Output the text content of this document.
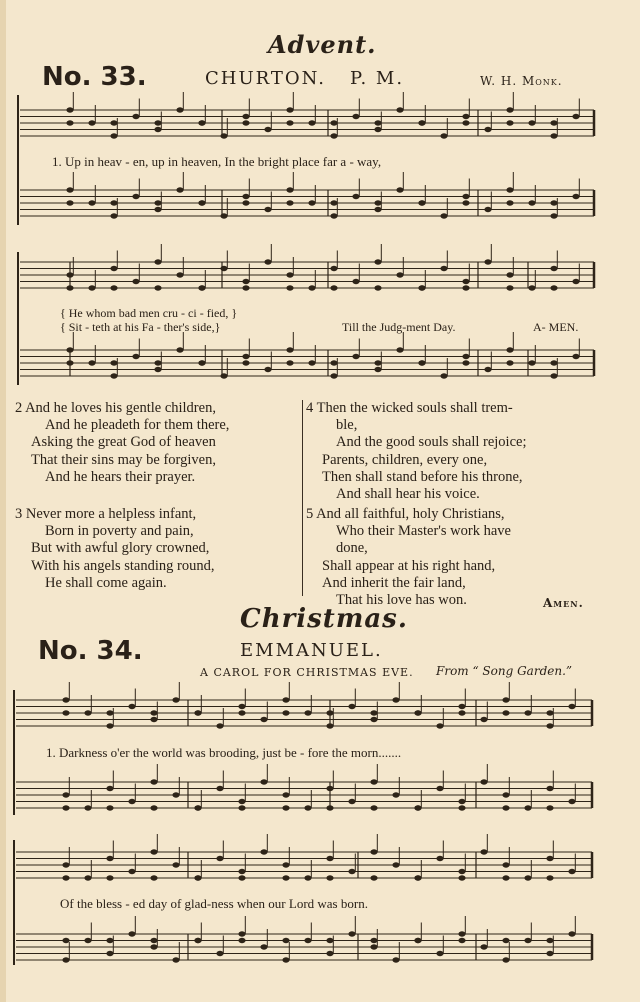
Advent.
No. 33.	CHURTON. P. M.	W. H. Monk.
1. Up in heav - en, up in heaven, In the bright place far a - way,
{ He whom bad men cru - ci - fied, }
{ Sit - teth at his Fa - ther's side,}	Till the Judg-ment Day.	A- MEN.
2 And he loves his gentle children,
And he pleadeth for them there,
Asking the great God of heaven
That their sins may be forgiven,
And he hears their prayer.
3 Never more a helpless infant,
Born in poverty and pain,
But with awful glory crowned,
With his angels standing round,
He shall come again.
4 Then the wicked souls shall trem-
ble,
And the good souls shall rejoice;
Parents, children, every one,
Then shall stand before his throne,
And shall hear his voice.
5 And all faithful, holy Christians,
Who their Master's work have
done,
Shall appear at his right hand,
And inherit the fair land,
That his love has won.	Amen.
Christmas.
No. 34.	EMMANUEL.
A CAROL FOR CHRISTMAS EVE. From “ Song Garden.”
1. Darkness o'er the world was brooding, just be - fore the morn.......
Of the bless - ed day of glad-ness when our Lord was born.
